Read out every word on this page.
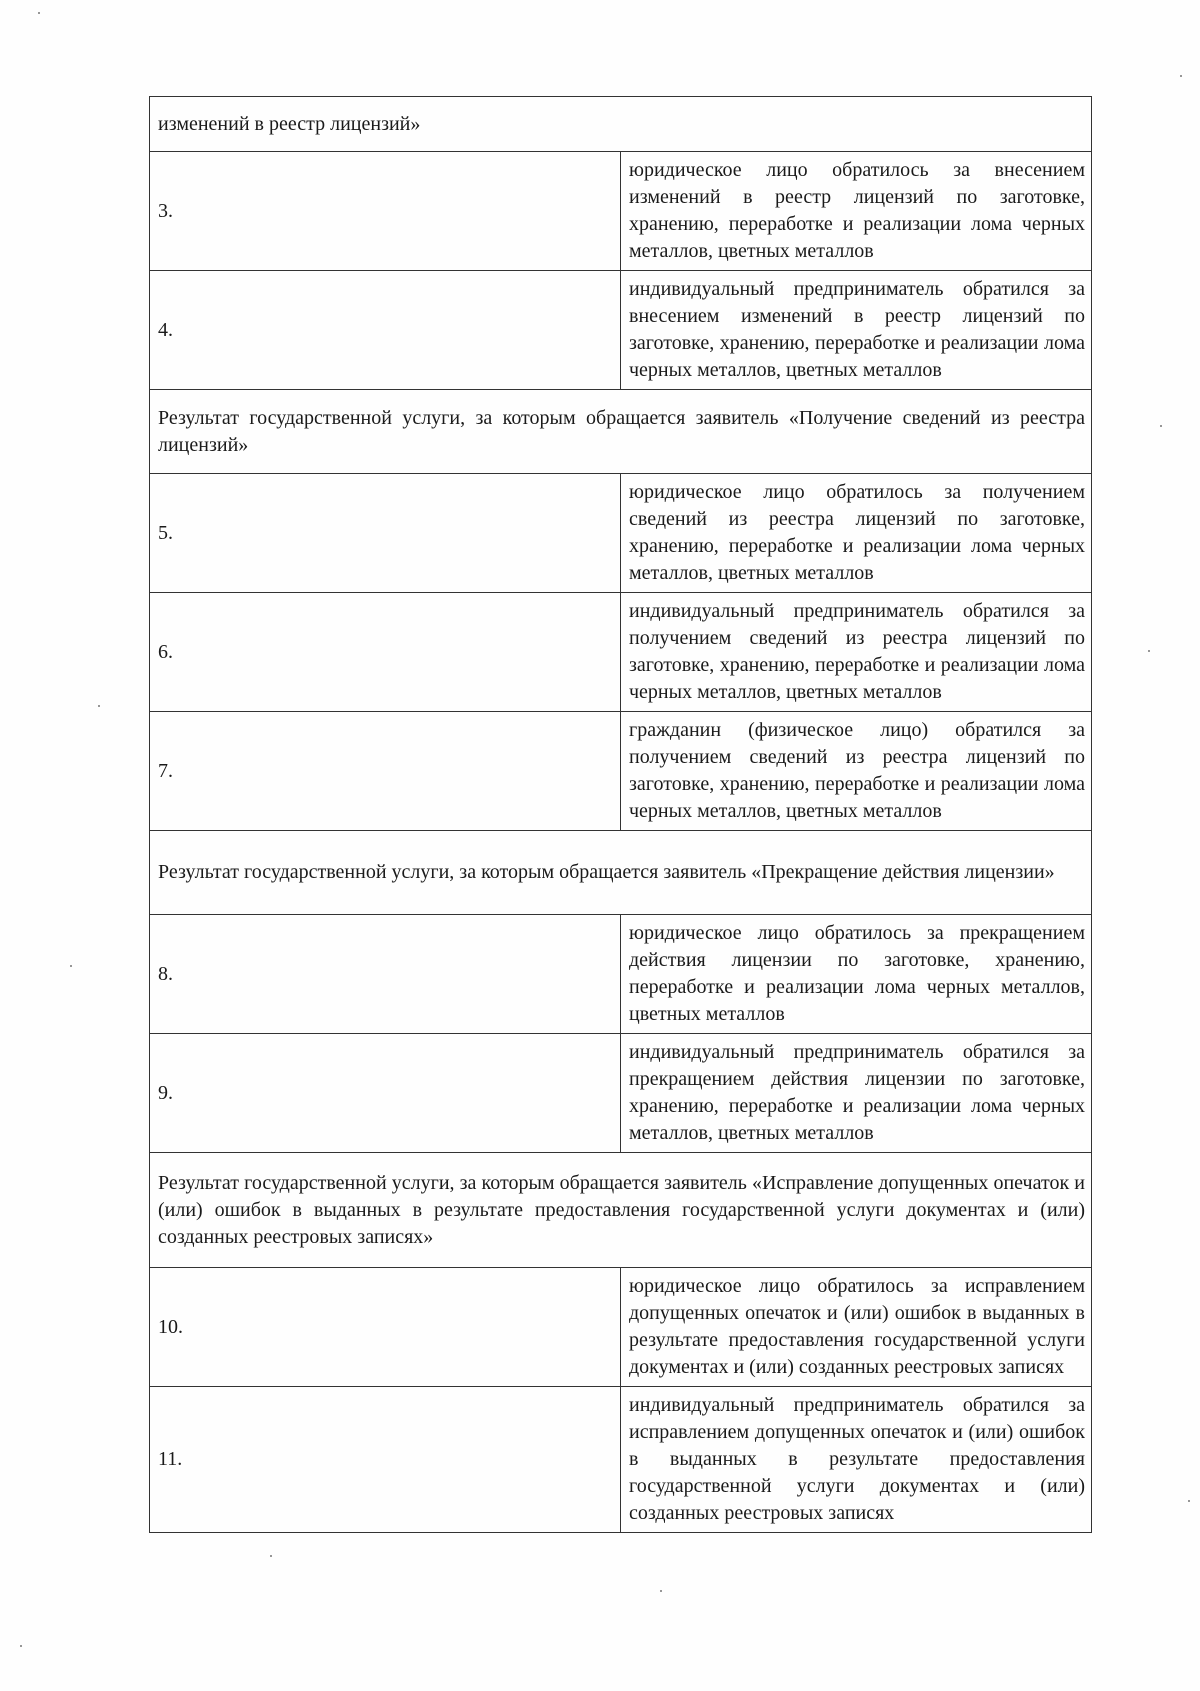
изменений в реестр лицензий»	
3.	юридическое лицо обратилось за внесением изменений в реестр лицензий по заготовке, хранению, переработке и реализации лома черных металлов, цветных металлов
4.	индивидуальный предприниматель обратился за внесением изменений в реестр лицензий по заготовке, хранению, переработке и реализации лома черных металлов, цветных металлов
Результат государственной услуги, за которым обращается заявитель «Получение сведений из реестра лицензий»	
5.	юридическое лицо обратилось за получением сведений из реестра лицензий по заготовке, хранению, переработке и реализации лома черных металлов, цветных металлов
6.	индивидуальный предприниматель обратился за получением сведений из реестра лицензий по заготовке, хранению, переработке и реализации лома черных металлов, цветных металлов
7.	гражданин (физическое лицо) обратился за получением сведений из реестра лицензий по заготовке, хранению, переработке и реализации лома черных металлов, цветных металлов
Результат государственной услуги, за которым обращается заявитель «Прекращение действия лицензии»	
8.	юридическое лицо обратилось за прекращением действия лицензии по заготовке, хранению, переработке и реализации лома черных металлов, цветных металлов
9.	индивидуальный предприниматель обратился за прекращением действия лицензии по заготовке, хранению, переработке и реализации лома черных металлов, цветных металлов
Результат государственной услуги, за которым обращается заявитель «Исправление допущенных опечаток и (или) ошибок в выданных в результате предоставления государственной услуги документах и (или) созданных реестровых записях»	
10.	юридическое лицо обратилось за исправлением допущенных опечаток и (или) ошибок в выданных в результате предоставления государственной услуги документах и (или) созданных реестровых записях
11.	индивидуальный предприниматель обратился за исправлением допущенных опечаток и (или) ошибок в выданных в результате предоставления государственной услуги документах и (или) созданных реестровых записях
